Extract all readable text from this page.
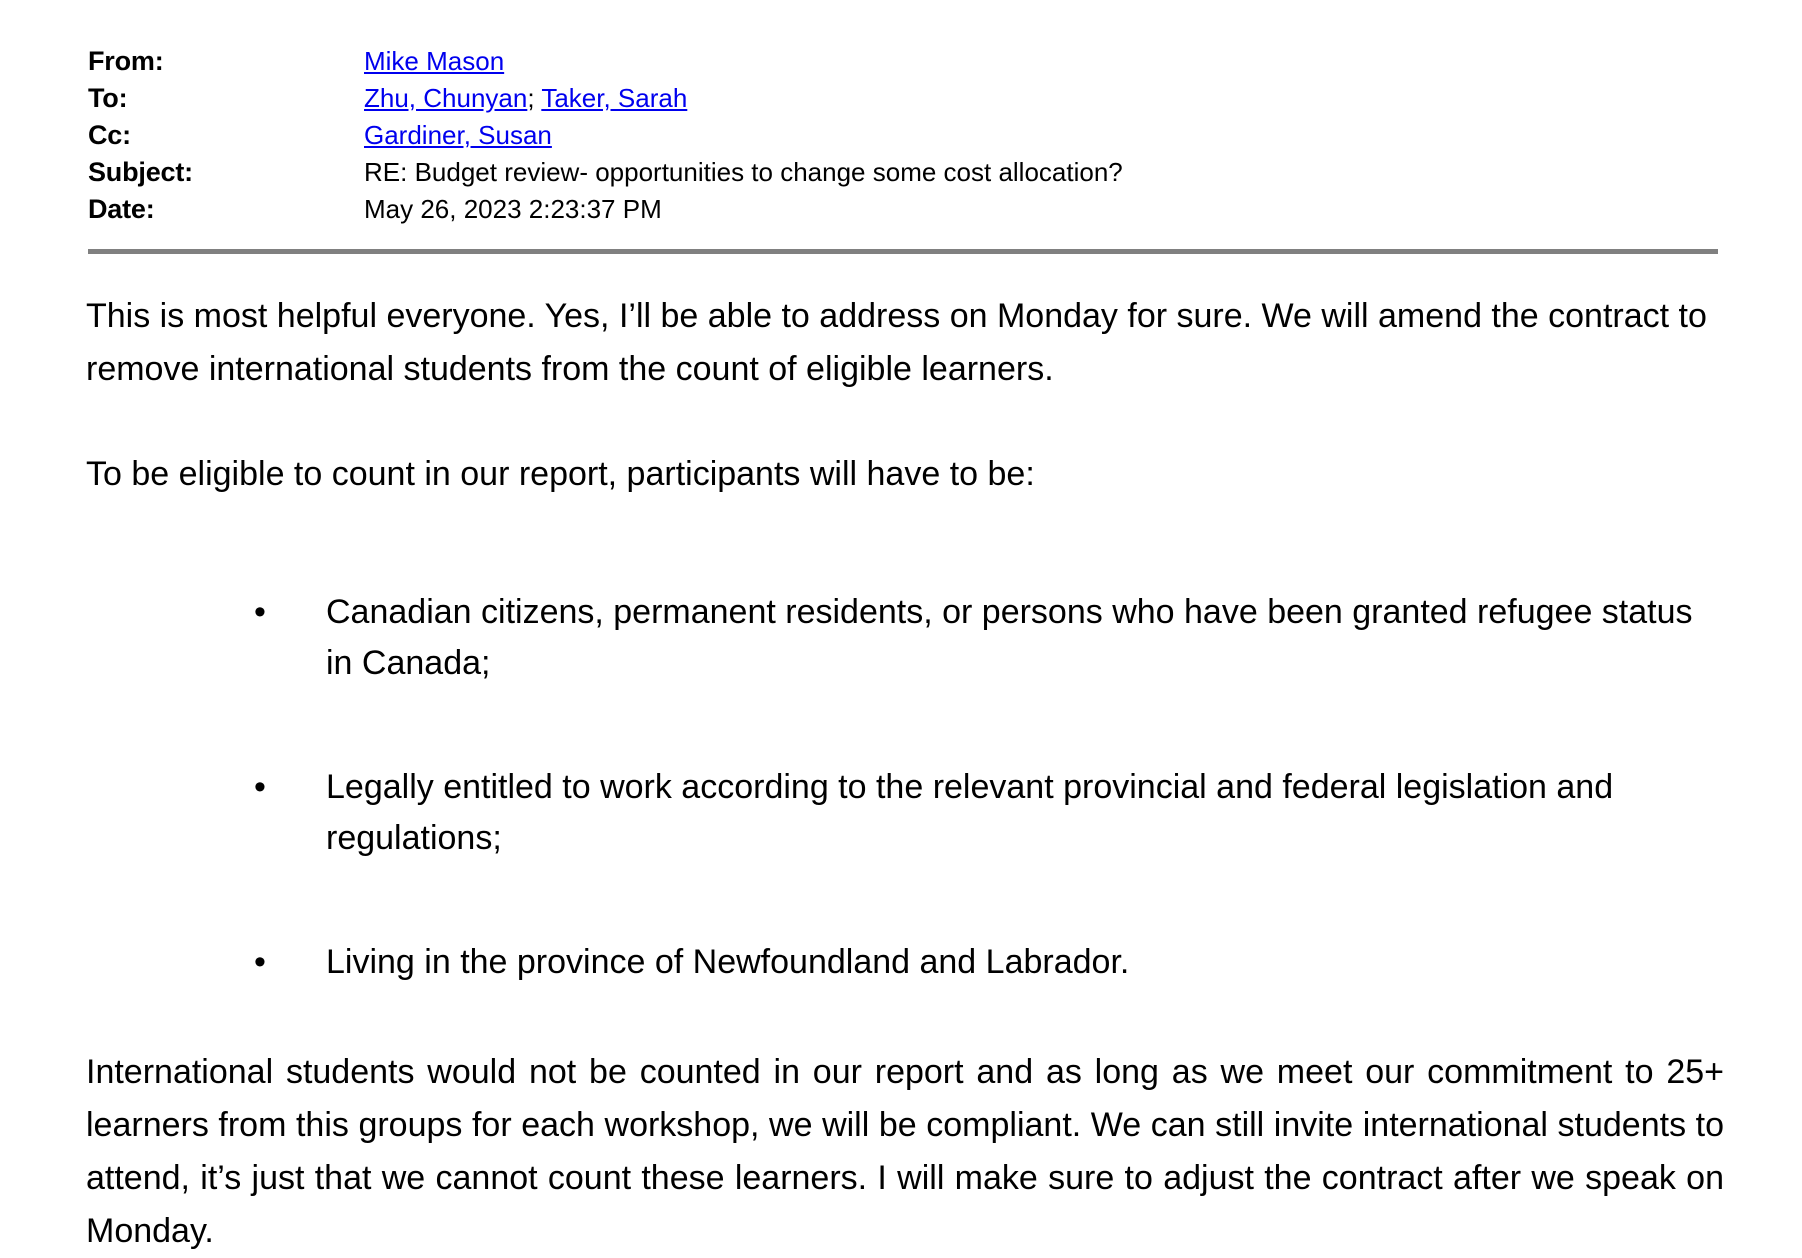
From:	Mike Mason
To:	Zhu, Chunyan; Taker, Sarah
Cc:	Gardiner, Susan
Subject:	RE: Budget review- opportunities to change some cost allocation?
Date:	May 26, 2023 2:23:37 PM

This is most helpful everyone. Yes, I’ll be able to address on Monday for sure. We will amend the contract to remove international students from the count of eligible learners.

To be eligible to count in our report, participants will have to be:

• Canadian citizens, permanent residents, or persons who have been granted refugee status in Canada;
• Legally entitled to work according to the relevant provincial and federal legislation and regulations;
• Living in the province of Newfoundland and Labrador.

International students would not be counted in our report and as long as we meet our commitment to 25+ learners from this groups for each workshop, we will be compliant. We can still invite international students to attend, it’s just that we cannot count these learners. I will make sure to adjust the contract after we speak on Monday.
